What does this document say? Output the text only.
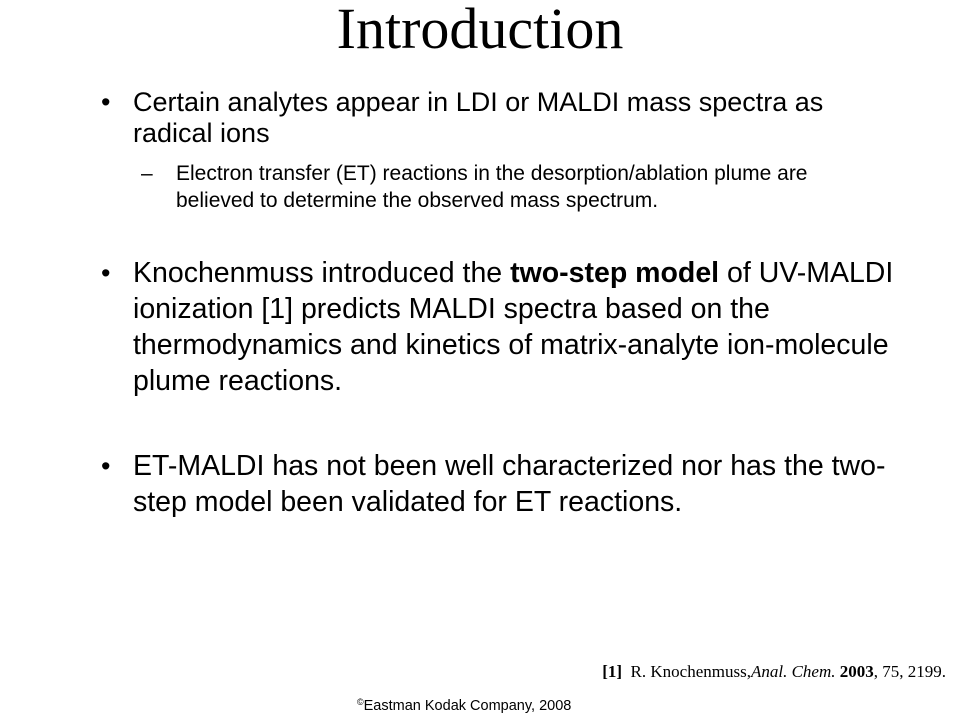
Introduction
• Certain analytes appear in LDI or MALDI mass spectra as radical ions
– Electron transfer (ET) reactions in the desorption/ablation plume are believed to determine the observed mass spectrum.
• Knochenmuss introduced the two-step model of UV-MALDI ionization [1] predicts MALDI spectra based on the thermodynamics and kinetics of matrix-analyte ion-molecule plume reactions.
• ET-MALDI has not been well characterized nor has the two-step model been validated for ET reactions.
[1] R. Knochenmuss,Anal. Chem. 2003, 75, 2199.
©Eastman Kodak Company, 2008
